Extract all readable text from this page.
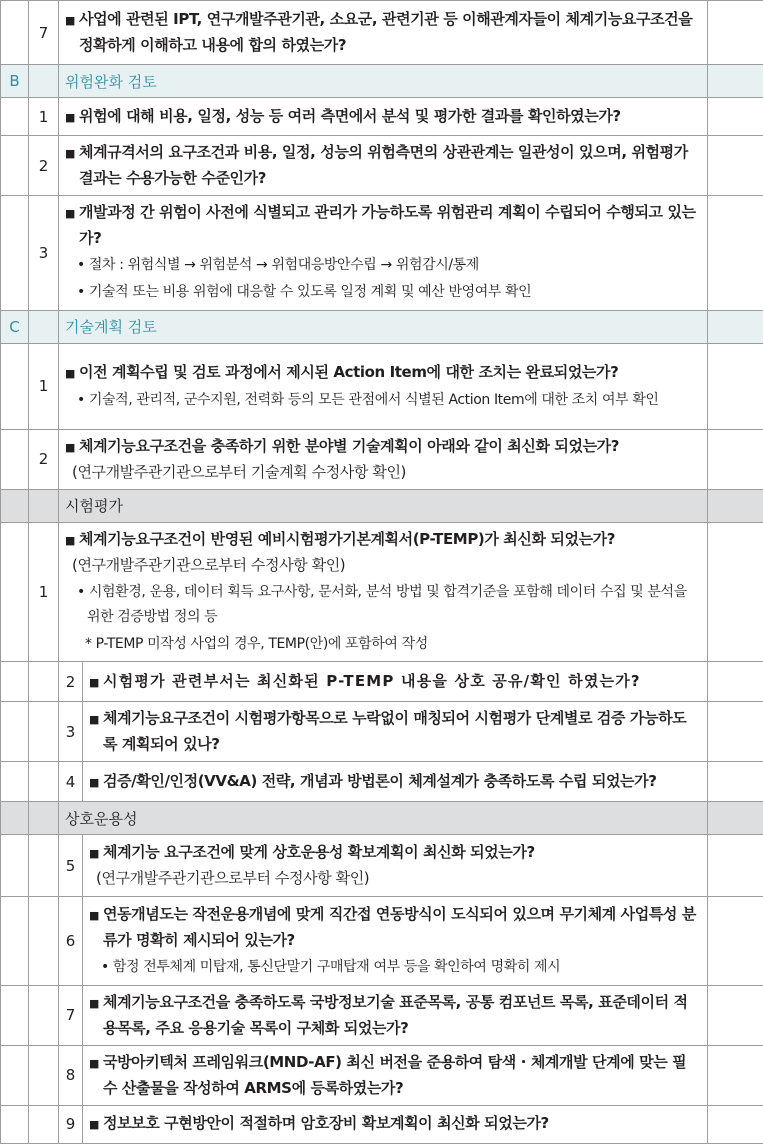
	7	■ 사업에 관련된 IPT, 연구개발주관기관, 소요군, 관련기관 등 이해관계자들이 체계기능요구조건을 정확하게 이해하고 내용에 합의 하였는가?		

B		위험완화 검토		
	1	■ 위험에 대해 비용, 일정, 성능 등 여러 측면에서 분석 및 평가한 결과를 확인하였는가?		

	2	■ 체계규격서의 요구조건과 비용, 일정, 성능의 위험측면의 상관관계는 일관성이 있으며, 위험평가 결과는 수용가능한 수준인가?		

	3	■ 개발과정 간 위험이 사전에 식별되고 관리가 가능하도록 위험관리 계획이 수립되어 수행되고 있는가?

• 절차 : 위험식별 → 위험분석 → 위험대응방안수립 → 위험감시/통제

• 기술적 또는 비용 위험에 대응할 수 있도록 일정 계획 및 예산 반영여부 확인		

C		기술계획 검토		
	1	■ 이전 계획수립 및 검토 과정에서 제시된 Action Item에 대한 조치는 완료되었는가?

• 기술적, 관리적, 군수지원, 전력화 등의 모든 관점에서 식별된 Action Item에 대한 조치 여부 확인		

	2	■ 체계기능요구조건을 충족하기 위한 분야별 기술계획이 아래와 같이 최신화 되었는가?

(연구개발주관기관으로부터 기술계획 수정사항 확인)		

		시험평가		
	1	■ 체계기능요구조건이 반영된 예비시험평가기본계획서(P-TEMP)가 최신화 되었는가?

(연구개발주관기관으로부터 수정사항 확인)

• 시험환경, 운용, 데이터 획득 요구사항, 문서화, 분석 방법 및 합격기준을 포함해 데이터 수집 및 분석을 위한 검증방법 정의 등

* P-TEMP 미작성 사업의 경우, TEMP(안)에 포함하여 작성		

		2	■ 시험평가 관련부서는 최신화된 P-TEMP 내용을 상호 공유/확인 하였는가?	

		3	■ 체계기능요구조건이 시험평가항목으로 누락없이 매칭되어 시험평가 단계별로 검증 가능하도록 계획되어 있나?	

		4	■ 검증/확인/인정(VV&A) 전략, 개념과 방법론이 체계설계가 충족하도록 수립 되었는가?	

		상호운용성		
		5	■ 체계기능 요구조건에 맞게 상호운용성 확보계획이 최신화 되었는가?

(연구개발주관기관으로부터 수정사항 확인)	

		6	■ 연동개념도는 작전운용개념에 맞게 직간접 연동방식이 도식되어 있으며 무기체계 사업특성 분류가 명확히 제시되어 있는가?

• 함정 전투체계 미탑재, 통신단말기 구매탑재 여부 등을 확인하여 명확히 제시	

		7	■ 체계기능요구조건을 충족하도록 국방정보기술 표준목록, 공통 컴포넌트 목록, 표준데이터 적용목록, 주요 응용기술 목록이 구체화 되었는가?	

		8	■ 국방아키텍처 프레임워크(MND-AF) 최신 버전을 준용하여 탐색 · 체계개발 단계에 맞는 필수 산출물을 작성하여 ARMS에 등록하였는가?	

		9	■ 정보보호 구현방안이 적절하며 암호장비 확보계획이 최신화 되었는가?	
